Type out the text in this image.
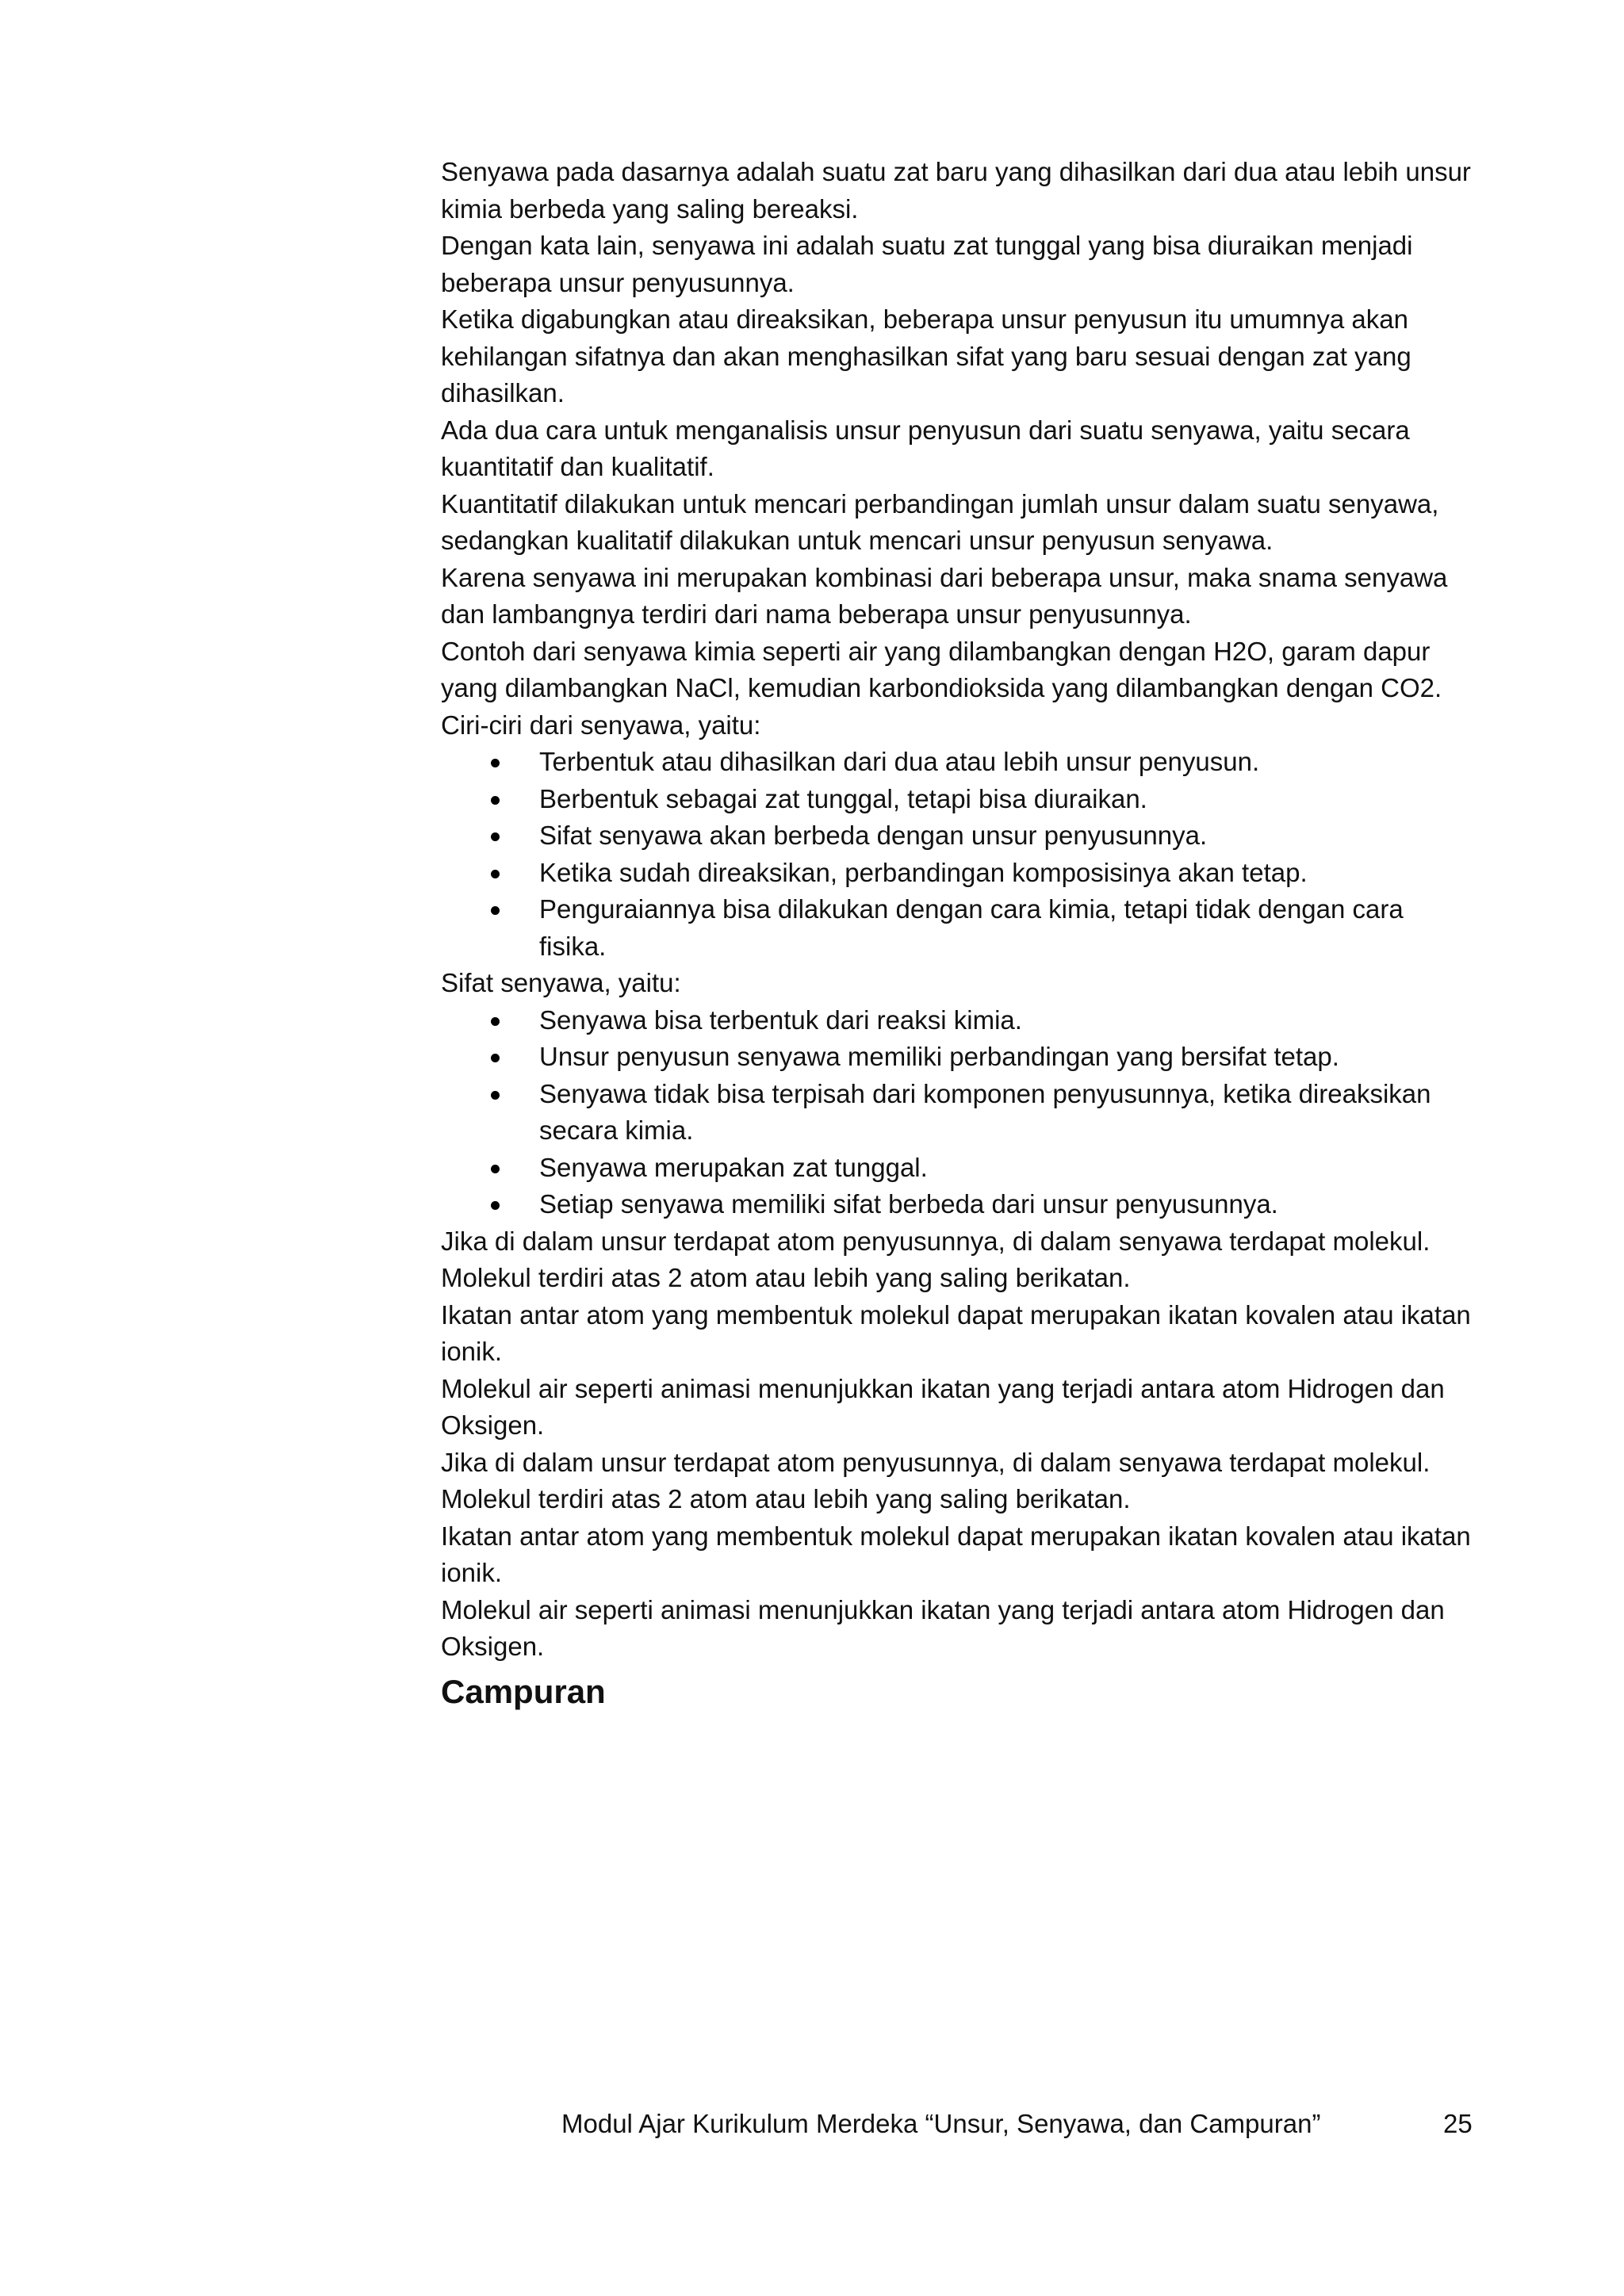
Senyawa pada dasarnya adalah suatu zat baru yang dihasilkan dari dua atau lebih unsur kimia berbeda yang saling bereaksi.

Dengan kata lain, senyawa ini adalah suatu zat tunggal yang bisa diuraikan menjadi beberapa unsur penyusunnya.

Ketika digabungkan atau direaksikan, beberapa unsur penyusun itu umumnya akan kehilangan sifatnya dan akan menghasilkan sifat yang baru sesuai dengan zat yang dihasilkan.

Ada dua cara untuk menganalisis unsur penyusun dari suatu senyawa, yaitu secara kuantitatif dan kualitatif.

Kuantitatif dilakukan untuk mencari perbandingan jumlah unsur dalam suatu senyawa, sedangkan kualitatif dilakukan untuk mencari unsur penyusun senyawa.

Karena senyawa ini merupakan kombinasi dari beberapa unsur, maka snama senyawa dan lambangnya terdiri dari nama beberapa unsur penyusunnya.

Contoh dari senyawa kimia seperti air yang dilambangkan dengan H2O, garam dapur yang dilambangkan NaCl, kemudian karbondioksida yang dilambangkan dengan CO2.

Ciri-ciri dari senyawa, yaitu:

Terbentuk atau dihasilkan dari dua atau lebih unsur penyusun.
Berbentuk sebagai zat tunggal, tetapi bisa diuraikan.
Sifat senyawa akan berbeda dengan unsur penyusunnya.
Ketika sudah direaksikan, perbandingan komposisinya akan tetap.
Penguraiannya bisa dilakukan dengan cara kimia, tetapi tidak dengan cara fisika.

Sifat senyawa, yaitu:

Senyawa bisa terbentuk dari reaksi kimia.
Unsur penyusun senyawa memiliki perbandingan yang bersifat tetap.
Senyawa tidak bisa terpisah dari komponen penyusunnya, ketika direaksikan secara kimia.
Senyawa merupakan zat tunggal.
Setiap senyawa memiliki sifat berbeda dari unsur penyusunnya.

Jika di dalam unsur terdapat atom penyusunnya, di dalam senyawa terdapat molekul.

Molekul terdiri atas 2 atom atau lebih yang saling berikatan.

Ikatan antar atom yang membentuk molekul dapat merupakan ikatan kovalen atau ikatan ionik.

Molekul air seperti animasi menunjukkan ikatan yang terjadi antara atom Hidrogen dan Oksigen.

Jika di dalam unsur terdapat atom penyusunnya, di dalam senyawa terdapat molekul.

Molekul terdiri atas 2 atom atau lebih yang saling berikatan.

Ikatan antar atom yang membentuk molekul dapat merupakan ikatan kovalen atau ikatan ionik.

Molekul air seperti animasi menunjukkan ikatan yang terjadi antara atom Hidrogen dan Oksigen.

Campuran
Modul Ajar Kurikulum Merdeka “Unsur, Senyawa, dan Campuran”	25
